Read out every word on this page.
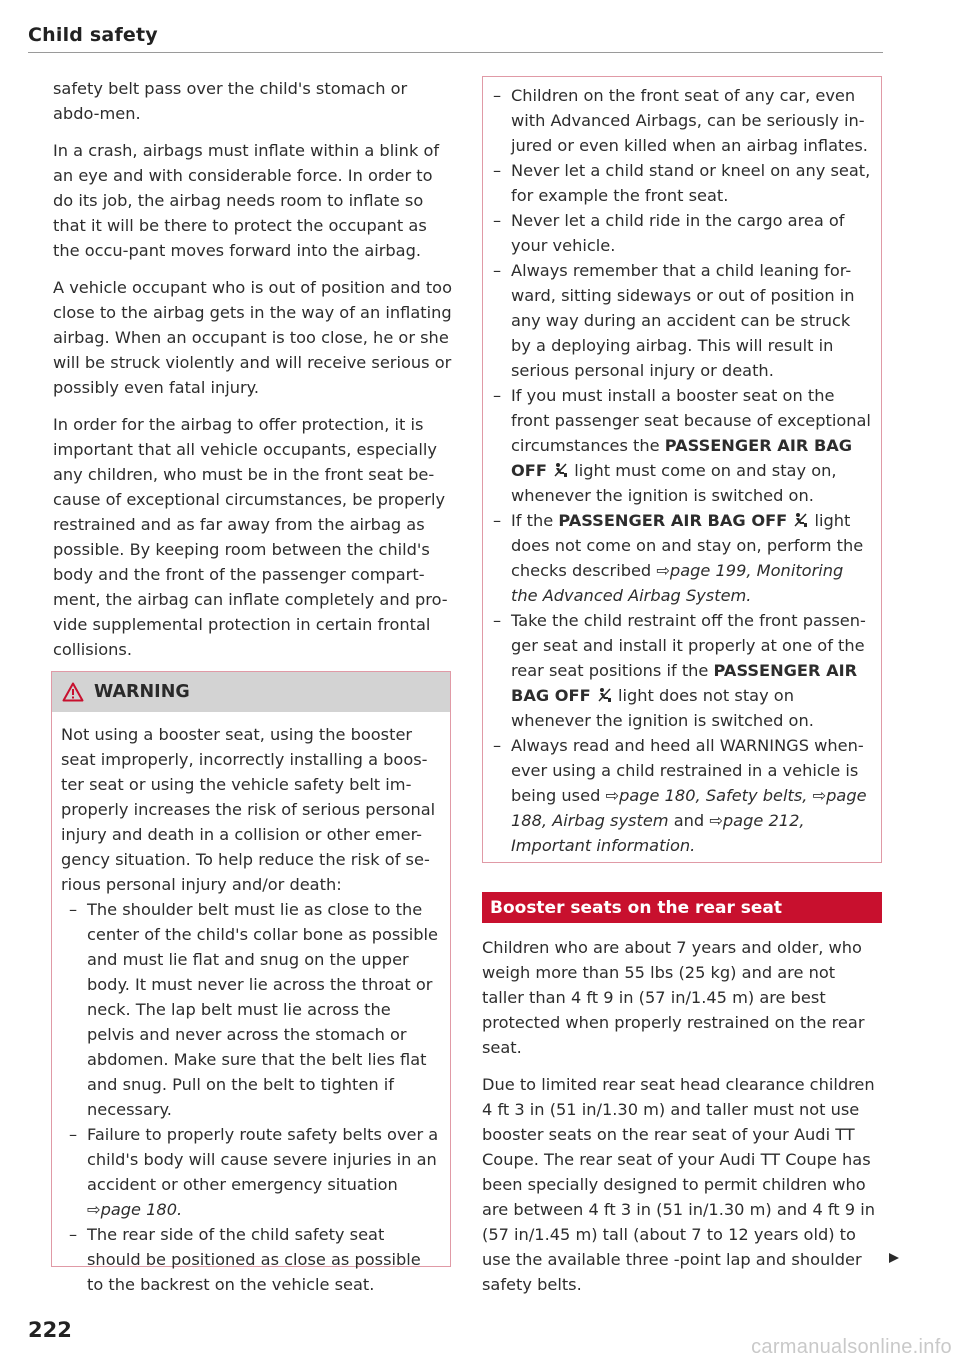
Child safety

safety belt pass over the child's stomach or abdo-men.

In a crash, airbags must inflate within a blink of an eye and with considerable force. In order to do its job, the airbag needs room to inflate so that it will be there to protect the occupant as the occu-pant moves forward into the airbag.

A vehicle occupant who is out of position and too close to the airbag gets in the way of an inflating airbag. When an occupant is too close, he or she will be struck violently and will receive serious or possibly even fatal injury.

In order for the airbag to offer protection, it is important that all vehicle occupants, especially any children, who must be in the front seat be-cause of exceptional circumstances, be properly restrained and as far away from the airbag as possible. By keeping room between the child's body and the front of the passenger compart-ment, the airbag can inflate completely and pro-vide supplemental protection in certain frontal collisions.

WARNING

Not using a booster seat, using the booster seat improperly, incorrectly installing a boos-ter seat or using the vehicle safety belt im-properly increases the risk of serious personal injury and death in a collision or other emer-gency situation. To help reduce the risk of se-rious personal injury and/or death:

– The shoulder belt must lie as close to the center of the child's collar bone as possible and must lie flat and snug on the upper body. It must never lie across the throat or neck. The lap belt must lie across the pelvis and never across the stomach or abdomen. Make sure that the belt lies flat and snug. Pull on the belt to tighten if necessary.
– Failure to properly route safety belts over a child's body will cause severe injuries in an accident or other emergency situation
⇨page 180.
– The rear side of the child safety seat should be positioned as close as possible to the backrest on the vehicle seat.
– Children on the front seat of any car, even with Advanced Airbags, can be seriously in-jured or even killed when an airbag inflates.
– Never let a child stand or kneel on any seat, for example the front seat.
– Never let a child ride in the cargo area of your vehicle.
– Always remember that a child leaning for-ward, sitting sideways or out of position in any way during an accident can be struck by a deploying airbag. This will result in serious personal injury or death.
– If you must install a booster seat on the front passenger seat because of exceptional circumstances the PASSENGER AIR BAG OFF light must come on and stay on, whenever the ignition is switched on.
– If the PASSENGER AIR BAG OFF light does not come on and stay on, perform the checks described ⇨page 199, Monitoring the Advanced Airbag System.
– Take the child restraint off the front passen-ger seat and install it properly at one of the rear seat positions if the PASSENGER AIR BAG OFF light does not stay on whenever the ignition is switched on.
– Always read and heed all WARNINGS when-ever using a child restrained in a vehicle is being used ⇨page 180, Safety belts, ⇨page 188, Airbag system and ⇨page 212, Important information.
Booster seats on the rear seat

Children who are about 7 years and older, who weigh more than 55 lbs (25 kg) and are not taller than 4 ft 9 in (57 in/1.45 m) are best protected when properly restrained on the rear seat.

Due to limited rear seat head clearance children 4 ft 3 in (51 in/1.30 m) and taller must not use booster seats on the rear seat of your Audi TT Coupe. The rear seat of your Audi TT Coupe has been specially designed to permit children who are between 4 ft 3 in (51 in/1.30 m) and 4 ft 9 in (57 in/1.45 m) tall (about 7 to 12 years old) to use the available three -point lap and shoulder safety belts.

222
carmanualsonline.info
